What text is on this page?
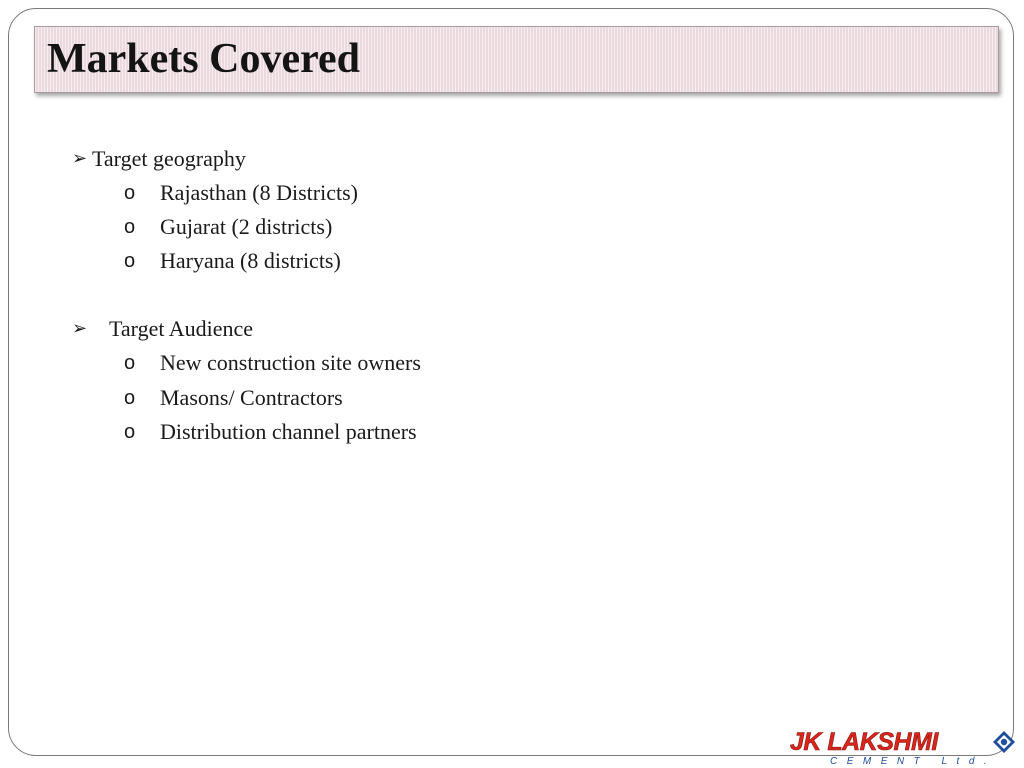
Markets Covered
➢ Target geography
o Rajasthan (8 Districts)
o Gujarat (2 districts)
o Haryana (8 districts)
➢ Target Audience
o New construction site owners
o Masons/ Contractors
o Distribution channel partners
JK LAKSHMI
CEMENT Ltd.
